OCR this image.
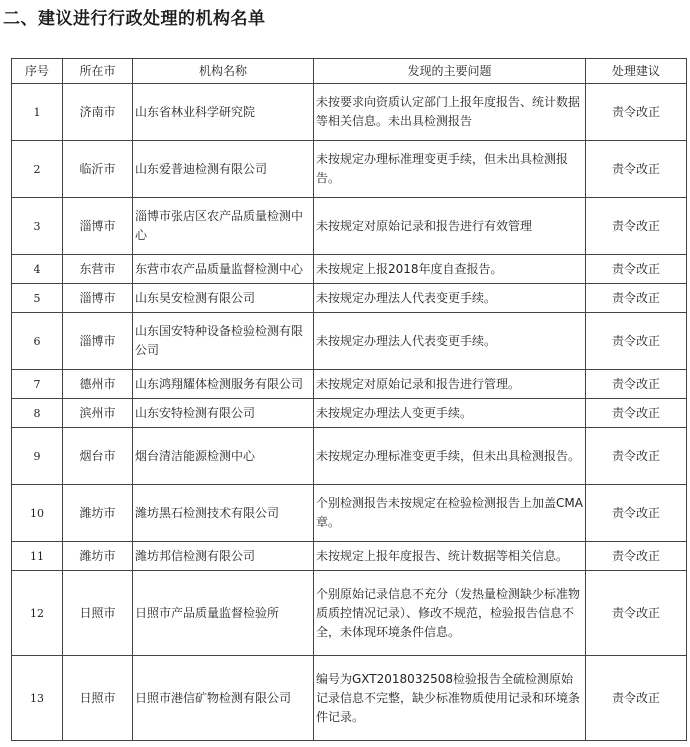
二、建议进行行政处理的机构名单
序号	所在市	机构名称	发现的主要问题	处理建议
1	济南市	山东省林业科学研究院	未按要求向资质认定部门上报年度报告、统计数据等相关信息。未出具检测报告	责令改正
2	临沂市	山东爱普迪检测有限公司	未按规定办理标准理变更手续，但未出具检测报告。	责令改正
3	淄博市	淄博市张店区农产品质量检测中心	未按规定对原始记录和报告进行有效管理	责令改正
4	东营市	东营市农产品质量监督检测中心	未按规定上报2018年度自查报告。	责令改正
5	淄博市	山东昊安检测有限公司	未按规定办理法人代表变更手续。	责令改正
6	淄博市	山东国安特种设备检验检测有限公司	未按规定办理法人代表变更手续。	责令改正
7	德州市	山东鸿翔耀体检测服务有限公司	未按规定对原始记录和报告进行管理。	责令改正
8	滨州市	山东安特检测有限公司	未按规定办理法人变更手续。	责令改正
9	烟台市	烟台清洁能源检测中心	未按规定办理标准变更手续，但未出具检测报告。	责令改正
10	潍坊市	潍坊黑石检测技术有限公司	个别检测报告未按规定在检验检测报告上加盖CMA章。	责令改正
11	潍坊市	潍坊邦信检测有限公司	未按规定上报年度报告、统计数据等相关信息。	责令改正
12	日照市	日照市产品质量监督检验所	个别原始记录信息不充分（发热量检测缺少标准物质质控情况记录）、修改不规范，检验报告信息不全，未体现环境条件信息。	责令改正
13	日照市	日照市港信矿物检测有限公司	编号为GXT2018032508检验报告全硫检测原始记录信息不完整，缺少标准物质使用记录和环境条件记录。	责令改正
